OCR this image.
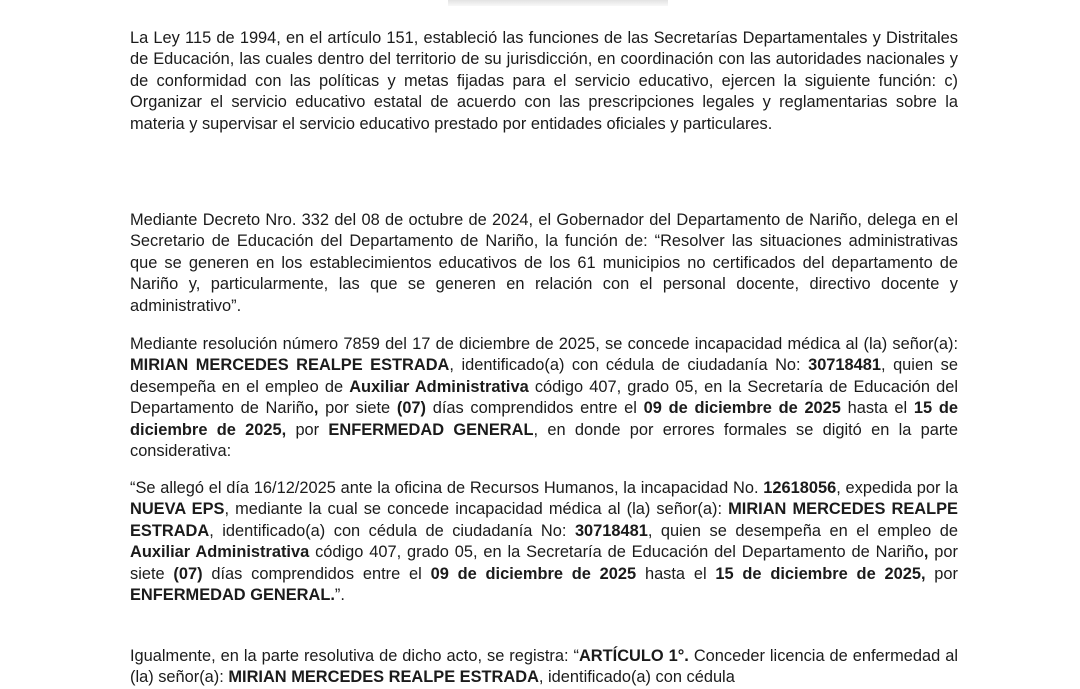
La Ley 115 de 1994, en el artículo 151, estableció las funciones de las Secretarías Departamentales y Distritales de Educación, las cuales dentro del territorio de su jurisdicción, en coordinación con las autoridades nacionales y de conformidad con las políticas y metas fijadas para el servicio educativo, ejercen la siguiente función: c) Organizar el servicio educativo estatal de acuerdo con las prescripciones legales y reglamentarias sobre la materia y supervisar el servicio educativo prestado por entidades oficiales y particulares.

Mediante Decreto Nro. 332 del 08 de octubre de 2024, el Gobernador del Departamento de Nariño, delega en el Secretario de Educación del Departamento de Nariño, la función de: “Resolver las situaciones administrativas que se generen en los establecimientos educativos de los 61 municipios no certificados del departamento de Nariño y, particularmente, las que se generen en relación con el personal docente, directivo docente y administrativo”.

Mediante resolución número 7859 del 17 de diciembre de 2025, se concede incapacidad médica al (la) señor(a): MIRIAN MERCEDES REALPE ESTRADA, identificado(a) con cédula de ciudadanía No: 30718481, quien se desempeña en el empleo de Auxiliar Administrativa código 407, grado 05, en la Secretaría de Educación del Departamento de Nariño, por siete (07) días comprendidos entre el 09 de diciembre de 2025 hasta el 15 de diciembre de 2025, por ENFERMEDAD GENERAL, en donde por errores formales se digitó en la parte considerativa:

“Se allegó el día 16/12/2025 ante la oficina de Recursos Humanos, la incapacidad No. 12618056, expedida por la NUEVA EPS, mediante la cual se concede incapacidad médica al (la) señor(a): MIRIAN MERCEDES REALPE ESTRADA, identificado(a) con cédula de ciudadanía No: 30718481, quien se desempeña en el empleo de Auxiliar Administrativa código 407, grado 05, en la Secretaría de Educación del Departamento de Nariño, por siete (07) días comprendidos entre el 09 de diciembre de 2025 hasta el 15 de diciembre de 2025, por ENFERMEDAD GENERAL.”.

Igualmente, en la parte resolutiva de dicho acto, se registra: “ARTÍCULO 1°. Conceder licencia de enfermedad al (la) señor(a): MIRIAN MERCEDES REALPE ESTRADA, identificado(a) con cédula
